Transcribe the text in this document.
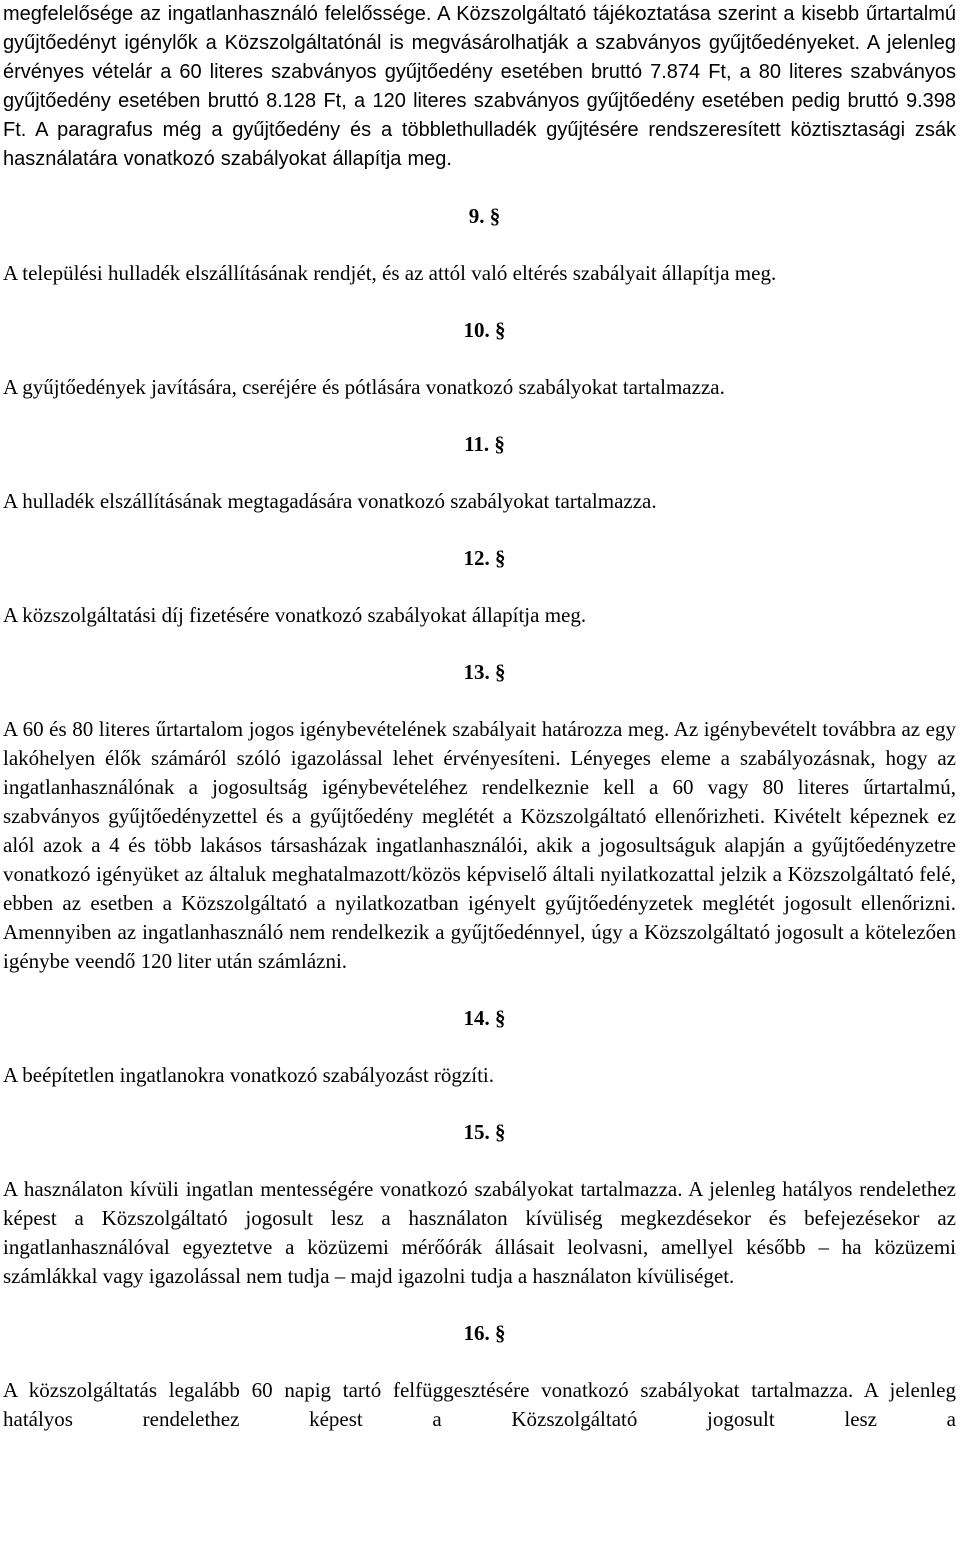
megfelelősége az ingatlanhasználó felelőssége. A Közszolgáltató tájékoztatása szerint a kisebb űrtartalmú gyűjtőedényt igénylők a Közszolgáltatónál is megvásárolhatják a szabványos gyűjtőedényeket. A jelenleg érvényes vételár a 60 literes szabványos gyűjtőedény esetében bruttó 7.874 Ft, a 80 literes szabványos gyűjtőedény esetében bruttó 8.128 Ft, a 120 literes szabványos gyűjtőedény esetében pedig bruttó 9.398 Ft. A paragrafus még a gyűjtőedény és a többlethulladék gyűjtésére rendszeresített köztisztasági zsák használatára vonatkozó szabályokat állapítja meg.

9. §

A települési hulladék elszállításának rendjét, és az attól való eltérés szabályait állapítja meg.

10. §

A gyűjtőedények javítására, cseréjére és pótlására vonatkozó szabályokat tartalmazza.

11. §

A hulladék elszállításának megtagadására vonatkozó szabályokat tartalmazza.

12. §

A közszolgáltatási díj fizetésére vonatkozó szabályokat állapítja meg.

13. §

A 60 és 80 literes űrtartalom jogos igénybevételének szabályait határozza meg. Az igénybevételt továbbra az egy lakóhelyen élők számáról szóló igazolással lehet érvényesíteni. Lényeges eleme a szabályozásnak, hogy az ingatlanhasználónak a jogosultság igénybevételéhez rendelkeznie kell a 60 vagy 80 literes űrtartalmú, szabványos gyűjtőedényzettel és a gyűjtőedény meglétét a Közszolgáltató ellenőrizheti. Kivételt képeznek ez alól azok a 4 és több lakásos társasházak ingatlanhasználói, akik a jogosultságuk alapján a gyűjtőedényzetre vonatkozó igényüket az általuk meghatalmazott/közös képviselő általi nyilatkozattal jelzik a Közszolgáltató felé, ebben az esetben a Közszolgáltató a nyilatkozatban igényelt gyűjtőedényzetek meglétét jogosult ellenőrizni. Amennyiben az ingatlanhasználó nem rendelkezik a gyűjtőedénnyel, úgy a Közszolgáltató jogosult a kötelezően igénybe veendő 120 liter után számlázni.

14. §

A beépítetlen ingatlanokra vonatkozó szabályozást rögzíti.

15. §

A használaton kívüli ingatlan mentességére vonatkozó szabályokat tartalmazza. A jelenleg hatályos rendelethez képest a Közszolgáltató jogosult lesz a használaton kívüliség megkezdésekor és befejezésekor az ingatlanhasználóval egyeztetve a közüzemi mérőórák állásait leolvasni, amellyel később – ha közüzemi számlákkal vagy igazolással nem tudja – majd igazolni tudja a használaton kívüliséget.

16. §

A közszolgáltatás legalább 60 napig tartó felfüggesztésére vonatkozó szabályokat tartalmazza. A jelenleg hatályos rendelethez képest a Közszolgáltató jogosult lesz a
